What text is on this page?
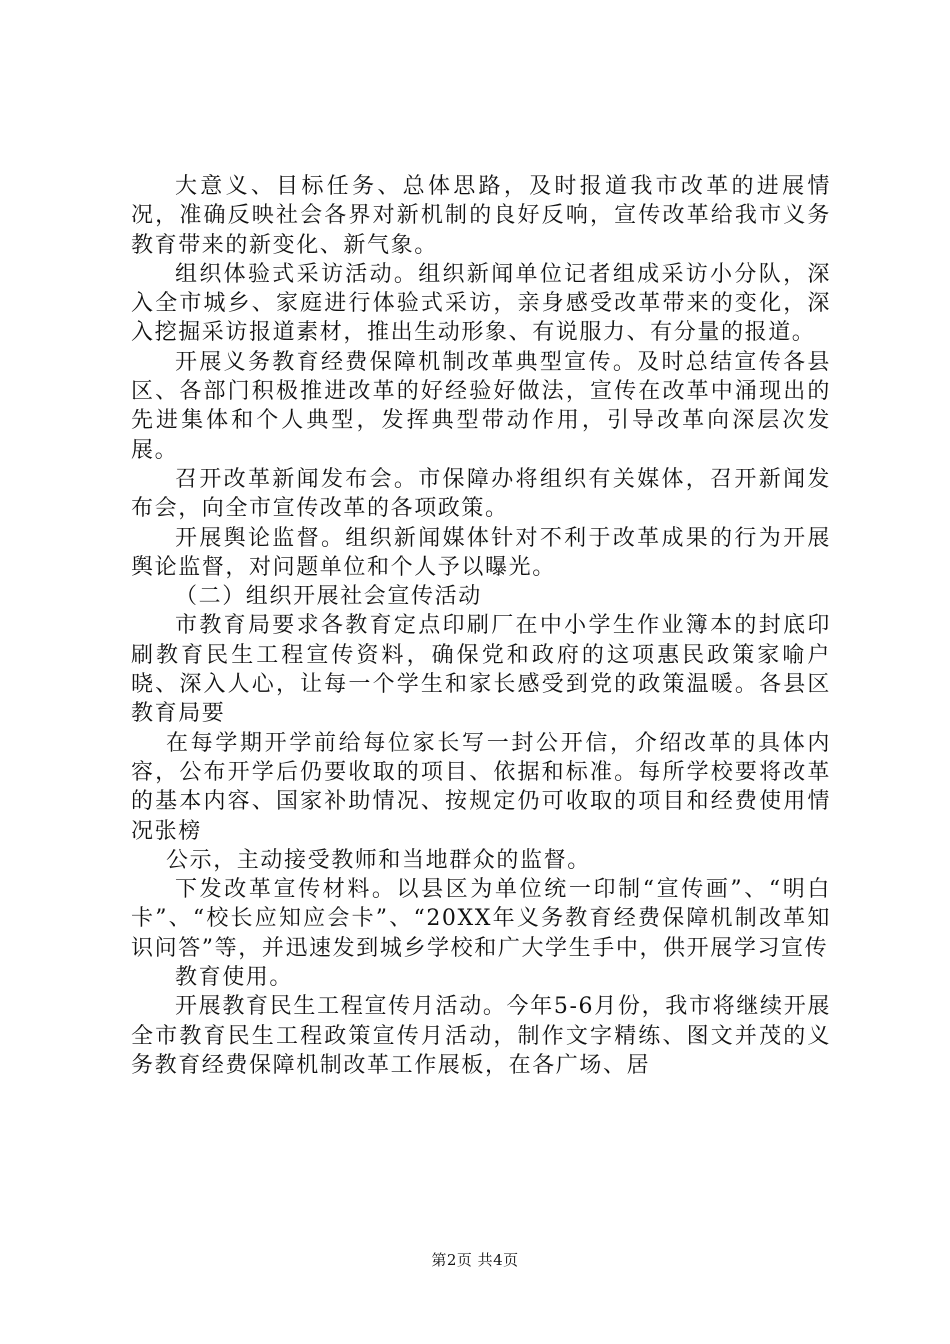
大意义、目标任务、总体思路，及时报道我市改革的进展情况，准确反映社会各界对新机制的良好反响，宣传改革给我市义务教育带来的新变化、新气象。

组织体验式采访活动。组织新闻单位记者组成采访小分队，深入全市城乡、家庭进行体验式采访，亲身感受改革带来的变化，深入挖掘采访报道素材，推出生动形象、有说服力、有分量的报道。

开展义务教育经费保障机制改革典型宣传。及时总结宣传各县区、各部门积极推进改革的好经验好做法，宣传在改革中涌现出的先进集体和个人典型，发挥典型带动作用，引导改革向深层次发展。

召开改革新闻发布会。市保障办将组织有关媒体，召开新闻发布会，向全市宣传改革的各项政策。

开展舆论监督。组织新闻媒体针对不利于改革成果的行为开展舆论监督，对问题单位和个人予以曝光。

（二）组织开展社会宣传活动

市教育局要求各教育定点印刷厂在中小学生作业簿本的封底印刷教育民生工程宣传资料，确保党和政府的这项惠民政策家喻户晓、深入人心，让每一个学生和家长感受到党的政策温暖。各县区教育局要

在每学期开学前给每位家长写一封公开信，介绍改革的具体内容，公布开学后仍要收取的项目、依据和标准。每所学校要将改革的基本内容、国家补助情况、按规定仍可收取的项目和经费使用情况张榜

公示，主动接受教师和当地群众的监督。

下发改革宣传材料。以县区为单位统一印制“宣传画”、“明白卡”、“校长应知应会卡”、“20XX年义务教育经费保障机制改革知识问答”等，并迅速发到城乡学校和广大学生手中，供开展学习宣传

教育使用。

开展教育民生工程宣传月活动。今年5-6月份，我市将继续开展全市教育民生工程政策宣传月活动，制作文字精练、图文并茂的义务教育经费保障机制改革工作展板，在各广场、居

第2页 共4页
